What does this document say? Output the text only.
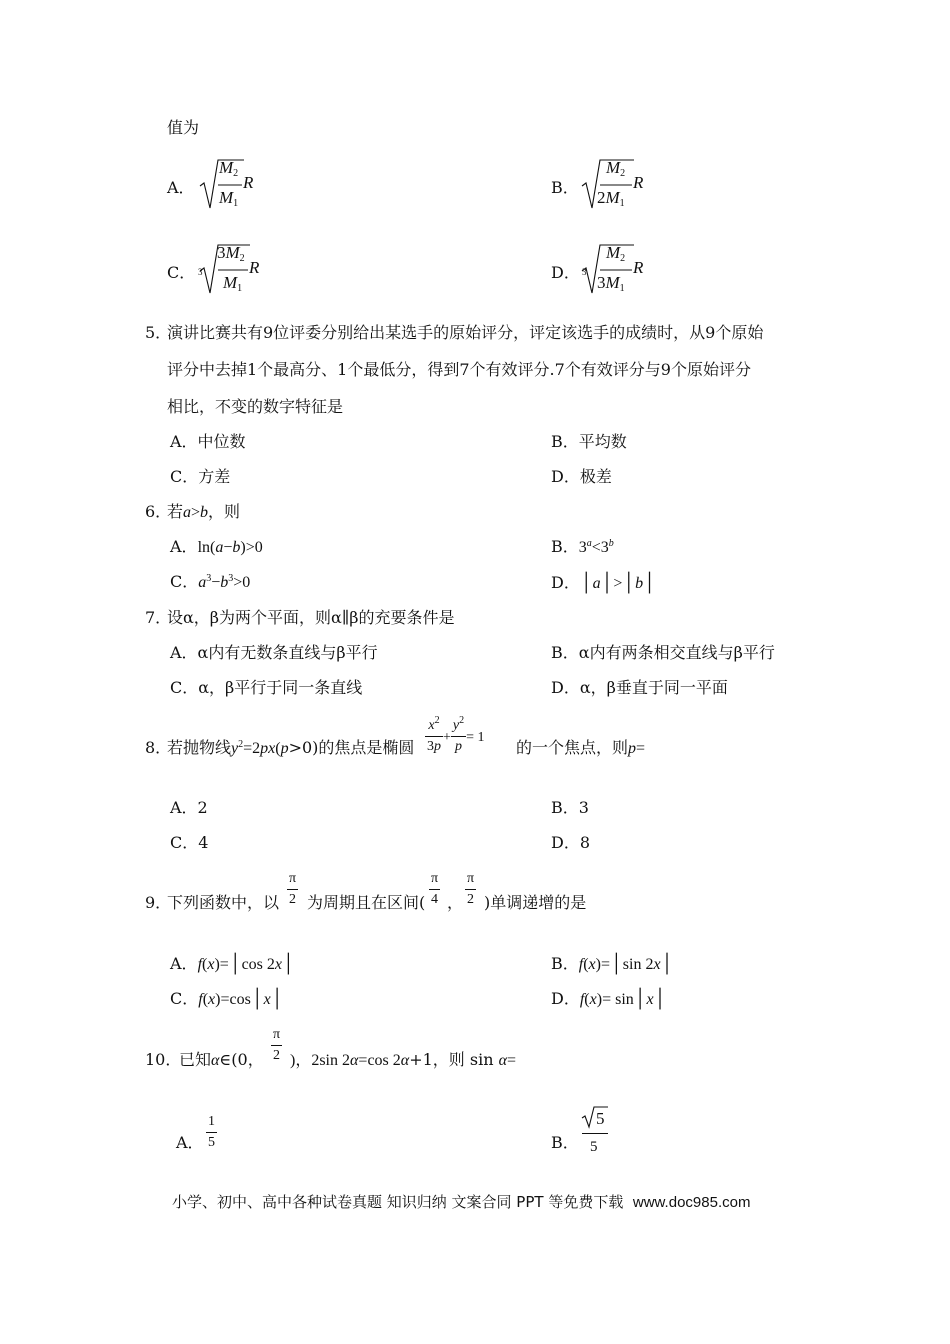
值为
A．
$M_2$
$M_1$
R	B．
$M_2$
$2M_1$
R
C． 3
$3M_2$
$M_1$
R	D． 3
$M_2$
$3M_1$
R
5．
演讲比赛共有9位评委分别给出某选手的原始评分，评定该选手的成绩时，从9个原始
评分中去掉1个最高分、1个最低分，得到7个有效评分.7个有效评分与9个原始评分
相比，不变的数字特征是
A．中位数	B．平均数
C．方差	D．极差
6．
若a>b，则
A．ln(a−b)>0	B．$3^a<3^b$
C．$a^3-b^3>0$	D．│a│>│b│
7．
设α，β为两个平面，则α∥β的充要条件是
A．α内有无数条直线与β平行	B．α内有两条相交直线与β平行
C．α，β平行于同一条直线	D．α，β垂直于同一平面
8．
若抛物线$y^2=2px(p>0)$的焦点是椭圆 $\frac{x^2}{3p} + \frac{y^2}{p} = 1$
的一个焦点，则p=
A．2	B．3
C．4	D．8
9．
下列函数中，以 $\frac{\pi}{2}$ 为周期且在区间( $\frac{\pi}{4}$ ， $\frac{\pi}{2}$ )单调递增的是
A．f(x)=│cos 2x│	B．f(x)=│sin 2x│
C．f(x)=cos│x│	D．f(x)= sin│x│
10．
已知α∈(0， $\frac{\pi}{2}$ )，2sin 2α=cos 2α+1，则 sin α=
A． $\frac{1}{5}$	B．
5
5
小学、初中、高中各种试卷真题 知识归纳 文案合同 PPT 等免费下载 www.doc985.com
